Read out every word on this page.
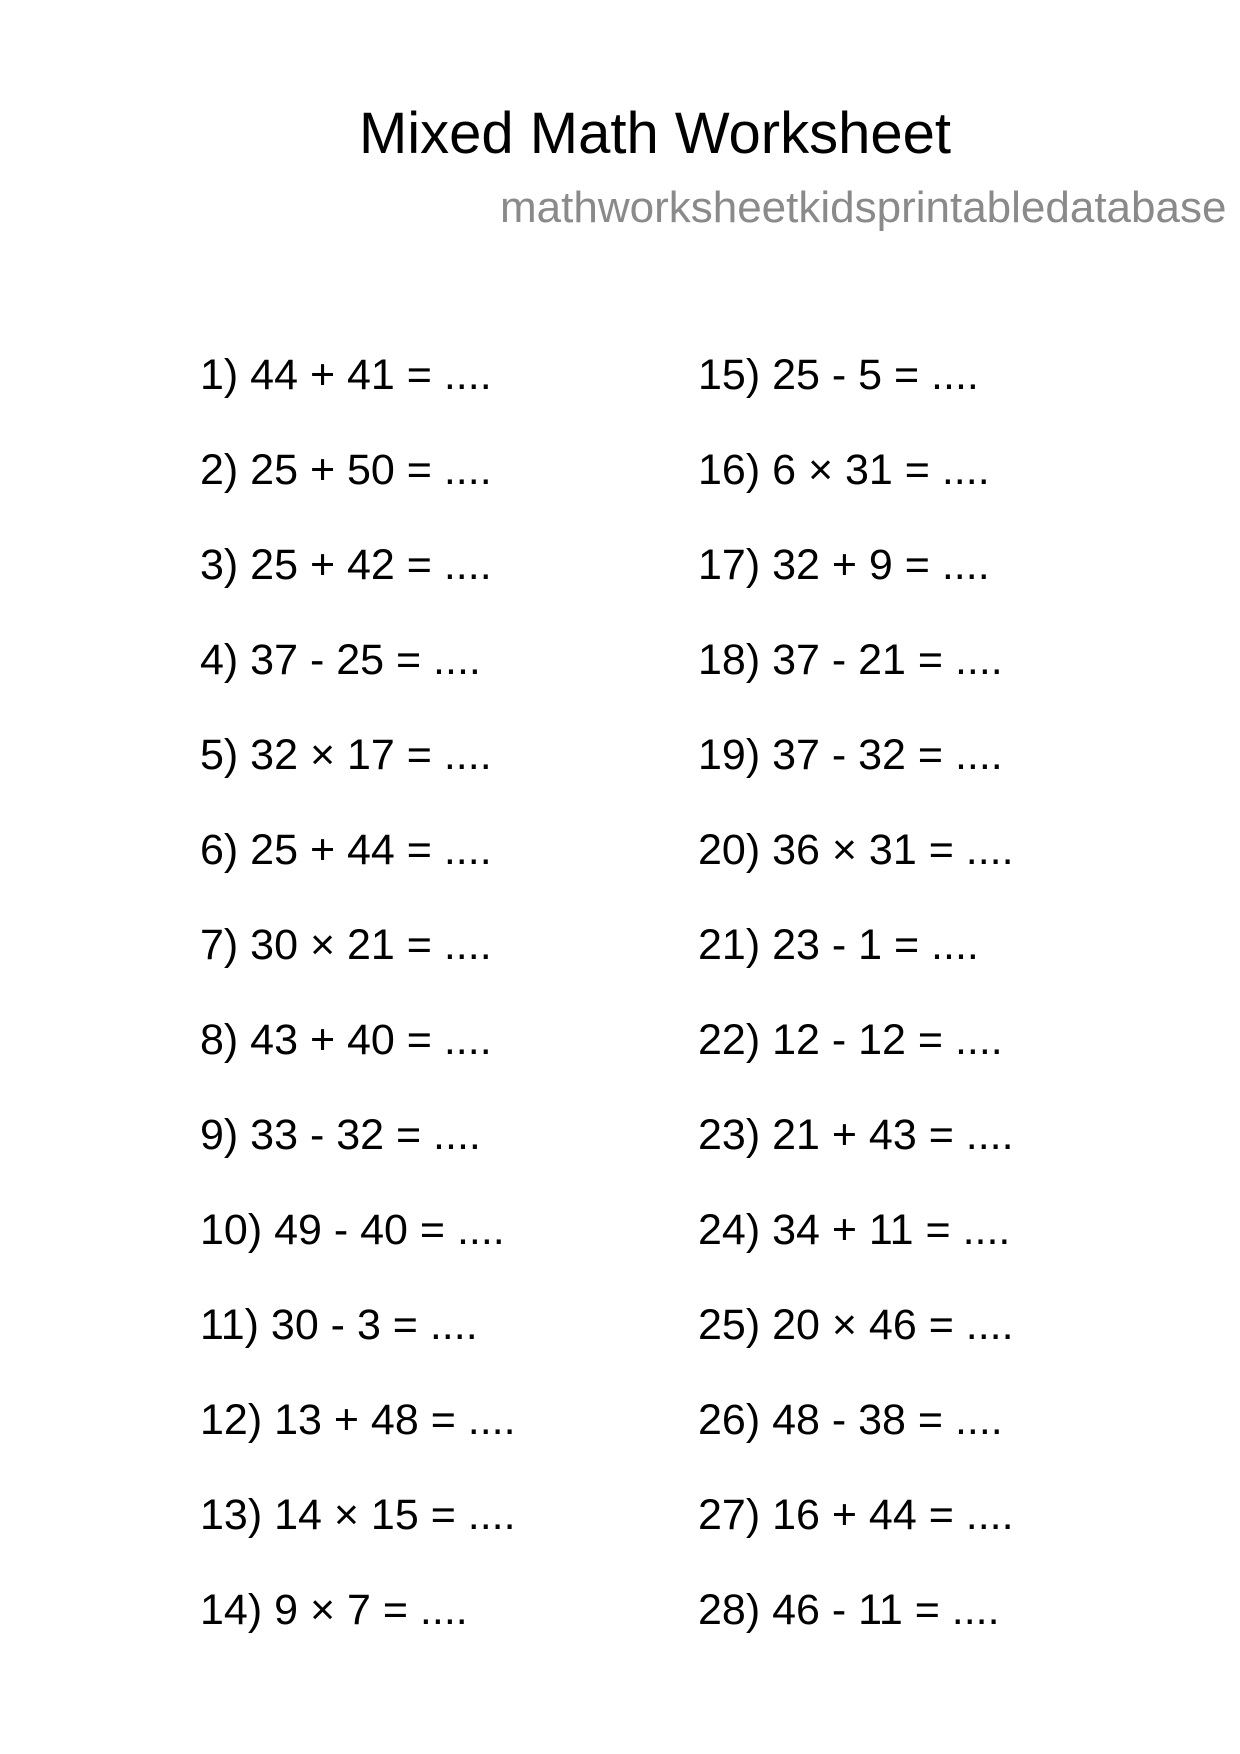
Mixed Math Worksheet
mathworksheetkidsprintabledatabase
1) 44 + 41 = ....
2) 25 + 50 = ....
3) 25 + 42 = ....
4) 37 - 25 = ....
5) 32 × 17 = ....
6) 25 + 44 = ....
7) 30 × 21 = ....
8) 43 + 40 = ....
9) 33 - 32 = ....
10) 49 - 40 = ....
11) 30 - 3 = ....
12) 13 + 48 = ....
13) 14 × 15 = ....
14) 9 × 7 = ....
15) 25 - 5 = ....
16) 6 × 31 = ....
17) 32 + 9 = ....
18) 37 - 21 = ....
19) 37 - 32 = ....
20) 36 × 31 = ....
21) 23 - 1 = ....
22) 12 - 12 = ....
23) 21 + 43 = ....
24) 34 + 11 = ....
25) 20 × 46 = ....
26) 48 - 38 = ....
27) 16 + 44 = ....
28) 46 - 11 = ....
